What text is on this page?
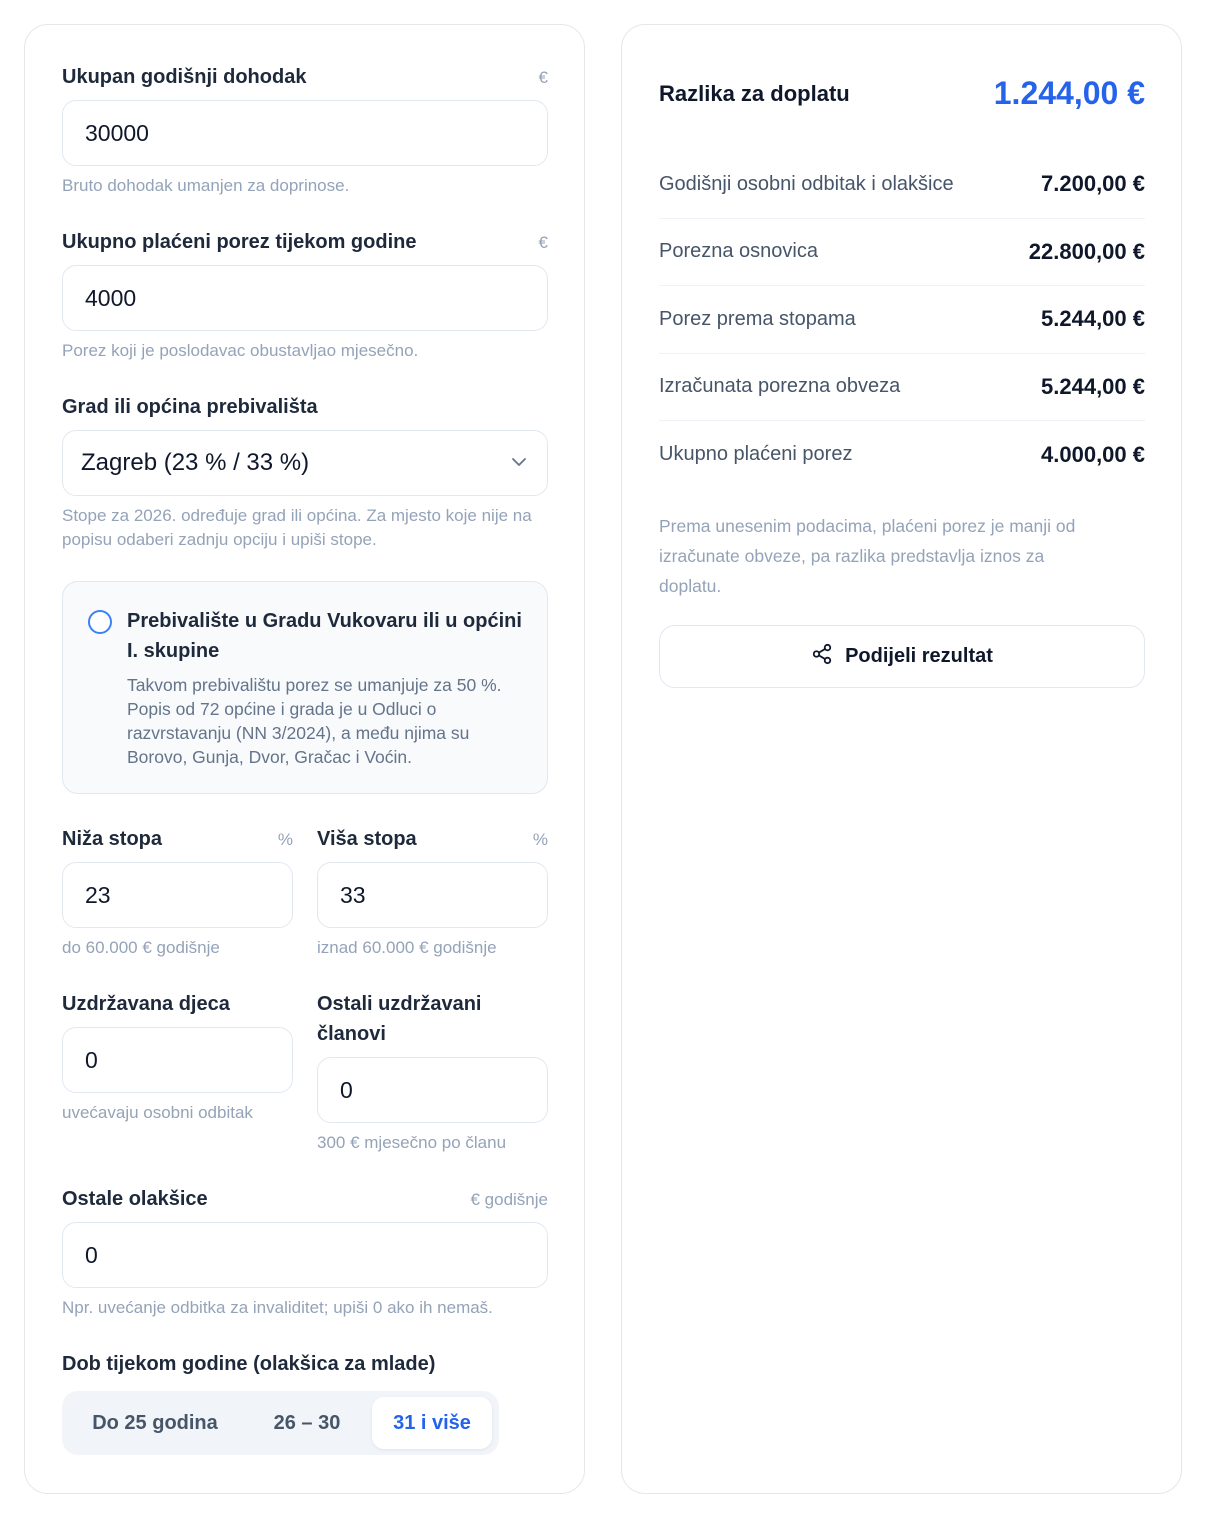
Ukupan godišnji dohodak	€
30000
Bruto dohodak umanjen za doprinose.
Ukupno plaćeni porez tijekom godine	€
4000
Porez koji je poslodavac obustavljao mjesečno.
Grad ili općina prebivališta
Zagreb (23 % / 33 %)
Stope za 2026. određuje grad ili općina. Za mjesto koje nije na popisu odaberi zadnju opciju i upiši stope.
Prebivalište u Gradu Vukovaru ili u općini I. skupine
Takvom prebivalištu porez se umanjuje za 50 %. Popis od 72 općine i grada je u Odluci o razvrstavanju (NN 3/2024), a među njima su Borovo, Gunja, Dvor, Gračac i Voćin.
Niža stopa	%
23
do 60.000 € godišnje
Viša stopa	%
33
iznad 60.000 € godišnje
Uzdržavana djeca
0
uvećavaju osobni odbitak
Ostali uzdržavani članovi
0
300 € mjesečno po članu
Ostale olakšice	€ godišnje
0
Npr. uvećanje odbitka za invaliditet; upiši 0 ako ih nemaš.
Dob tijekom godine (olakšica za mlade)
Do 25 godina	26 – 30	31 i više
Razlika za doplatu	1.244,00 €
Godišnji osobni odbitak i olakšice	7.200,00 €
Porezna osnovica	22.800,00 €
Porez prema stopama	5.244,00 €
Izračunata porezna obveza	5.244,00 €
Ukupno plaćeni porez	4.000,00 €
Prema unesenim podacima, plaćeni porez je manji od izračunate obveze, pa razlika predstavlja iznos za doplatu.
Podijeli rezultat
